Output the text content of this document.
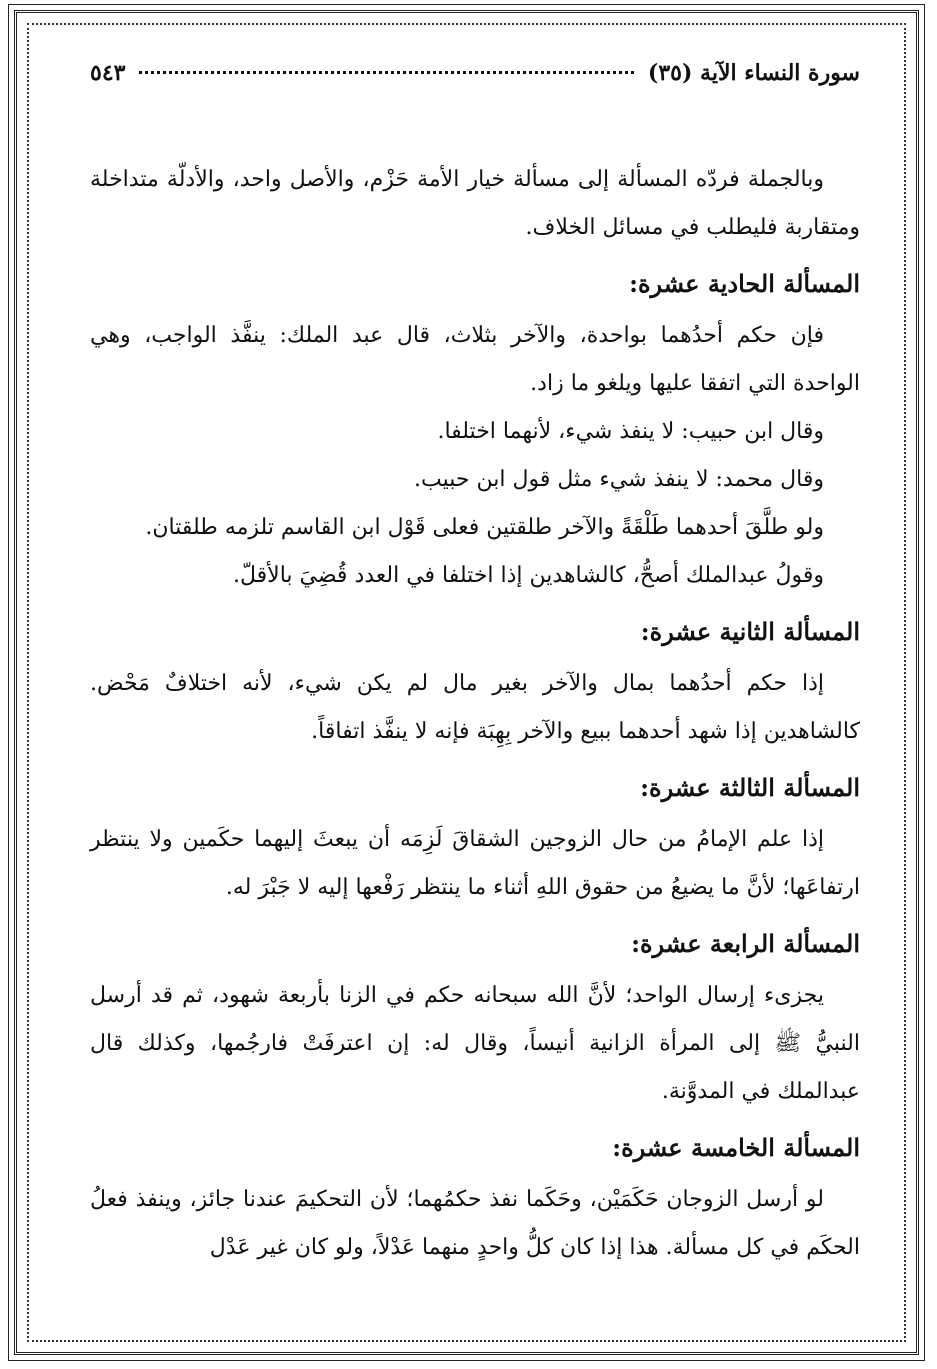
سورة النساء الآية (٣٥)
٥٤٣

وبالجملة فردّه المسألة إلى مسألة خيار الأمة حَزْم، والأصل واحد، والأدلّة متداخلة ومتقاربة فليطلب في مسائل الخلاف.

المسألة الحادية عشرة:

فإن حكم أحدُهما بواحدة، والآخر بثلاث، قال عبد الملك: ينفَّذ الواجب، وهي الواحدة التي اتفقا عليها ويلغو ما زاد.

وقال ابن حبيب: لا ينفذ شيء، لأنهما اختلفا.

وقال محمد: لا ينفذ شيء مثل قول ابن حبيب.

ولو طلَّقَ أحدهما طَلْقَةً والآخر طلقتين فعلى قَوْل ابن القاسم تلزمه طلقتان.

وقولُ عبدالملك أصحُّ، كالشاهدين إذا اختلفا في العدد قُضِيَ بالأقلّ.

المسألة الثانية عشرة:

إذا حكم أحدُهما بمال والآخر بغير مال لم يكن شيء، لأنه اختلافٌ مَحْض. كالشاهدين إذا شهد أحدهما ببيع والآخر بِهِبَة فإنه لا ينفَّذ اتفاقاً.

المسألة الثالثة عشرة:

إذا علم الإمامُ من حال الزوجين الشقاقَ لَزِمَه أن يبعثَ إليهما حكَمين ولا ينتظر ارتفاعَها؛ لأنَّ ما يضيعُ من حقوق اللهِ أثناء ما ينتظر رَفْعها إليه لا جَبْرَ له.

المسألة الرابعة عشرة:

يجزىء إرسال الواحد؛ لأنَّ الله سبحانه حكم في الزنا بأربعة شهود، ثم قد أرسل النبيُّ ﷺ إلى المرأة الزانية أنيساً، وقال له: إن اعترفَتْ فارجُمها، وكذلك قال عبدالملك في المدوَّنة.

المسألة الخامسة عشرة:

لو أرسل الزوجان حَكَمَيْن، وحَكَما نفذ حكمُهما؛ لأن التحكيمَ عندنا جائز، وينفذ فعلُ الحكَم في كل مسألة. هذا إذا كان كلُّ واحدٍ منهما عَدْلاً، ولو كان غير عَدْل
